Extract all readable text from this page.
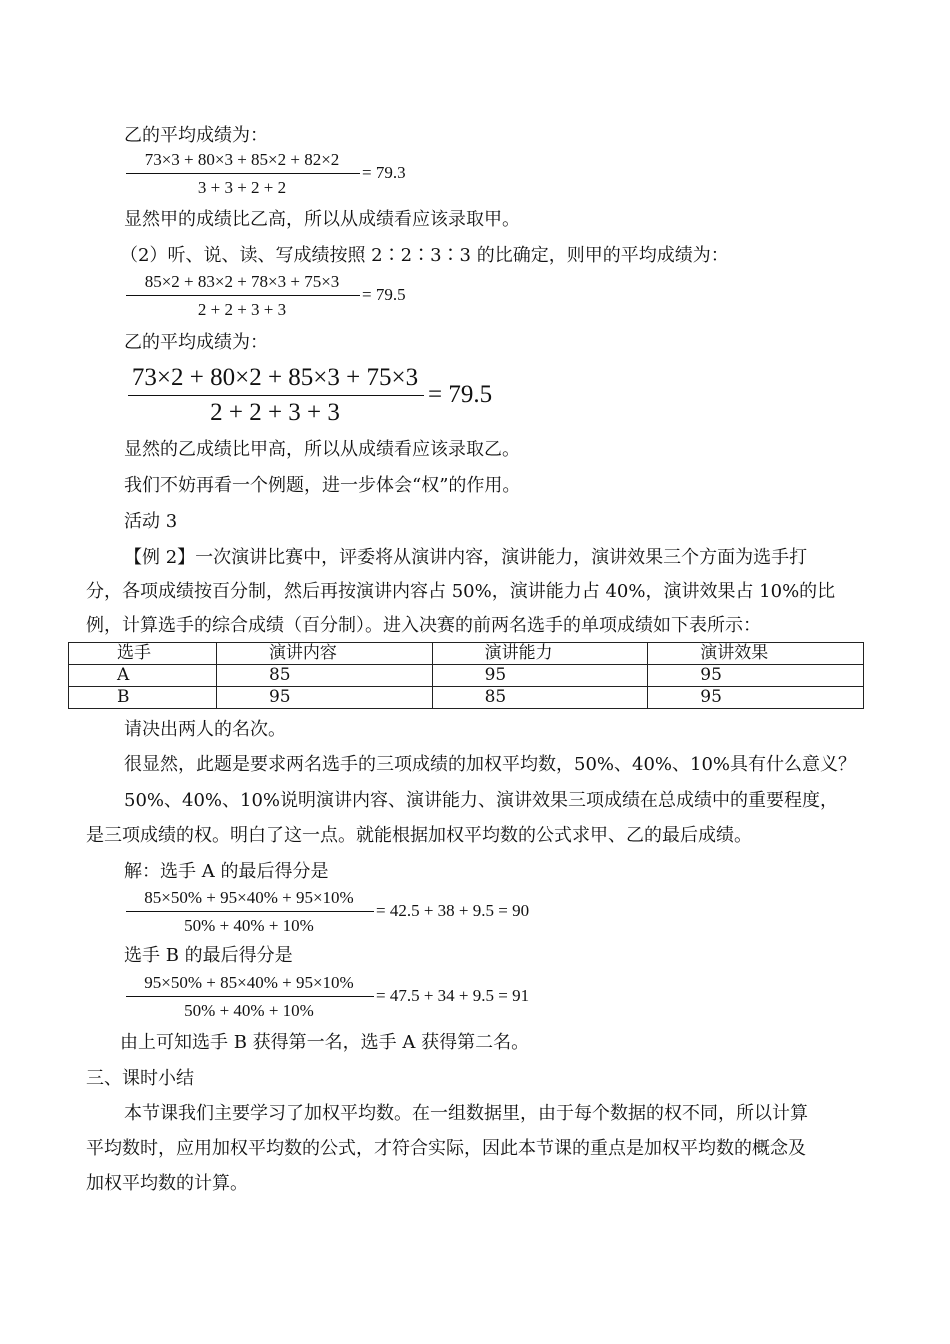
乙的平均成绩为：
73×3 + 80×3 + 85×2 + 82×2
3 + 3 + 2 + 2
= 79.3
显然甲的成绩比乙高，所以从成绩看应该录取甲。
（2）听、说、读、写成绩按照 2∶2∶3∶3 的比确定，则甲的平均成绩为：
85×2 + 83×2 + 78×3 + 75×3
2 + 2 + 3 + 3
= 79.5
乙的平均成绩为：
73×2 + 80×2 + 85×3 + 75×3
2 + 2 + 3 + 3
= 79.5
显然的乙成绩比甲高，所以从成绩看应该录取乙。
我们不妨再看一个例题，进一步体会“权”的作用。
活动 3
【例 2】一次演讲比赛中，评委将从演讲内容，演讲能力，演讲效果三个方面为选手打
分，各项成绩按百分制，然后再按演讲内容占 50%，演讲能力占 40%，演讲效果占 10%的比
例，计算选手的综合成绩（百分制）。进入决赛的前两名选手的单项成绩如下表所示：
选手	演讲内容	演讲能力	演讲效果
A	85	95	95
B	95	85	95
请决出两人的名次。
很显然，此题是要求两名选手的三项成绩的加权平均数，50%、40%、10%具有什么意义？
50%、40%、10%说明演讲内容、演讲能力、演讲效果三项成绩在总成绩中的重要程度，
是三项成绩的权。明白了这一点。就能根据加权平均数的公式求甲、乙的最后成绩。
解：选手 A 的最后得分是
85×50% + 95×40% + 95×10%
50% + 40% + 10%
= 42.5 + 38 + 9.5 = 90
选手 B 的最后得分是
95×50% + 85×40% + 95×10%
50% + 40% + 10%
= 47.5 + 34 + 9.5 = 91
由上可知选手 B 获得第一名，选手 A 获得第二名。
三、课时小结
本节课我们主要学习了加权平均数。在一组数据里，由于每个数据的权不同，所以计算
平均数时，应用加权平均数的公式，才符合实际，因此本节课的重点是加权平均数的概念及
加权平均数的计算。
